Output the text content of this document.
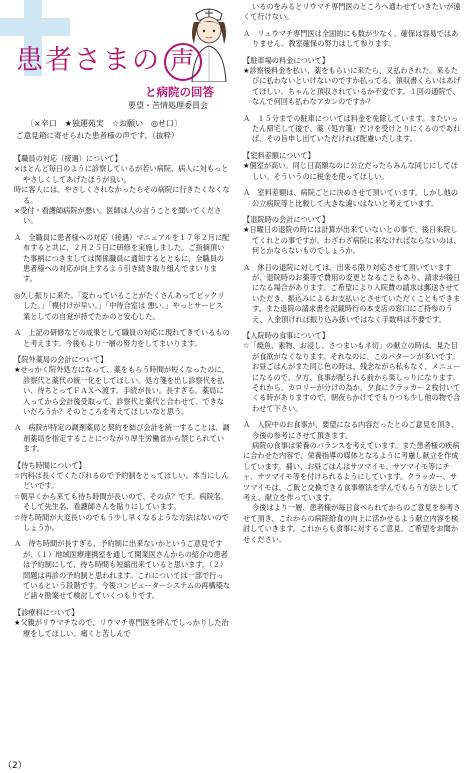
患者さまの 声
と病院の回答
要望・苦情処理委員会
〔×辛口　★独運苑実　☆お願い　◎せ口〕
ご意見箱に寄せられた患者様の声です。（抜粋）

【職員の対応（接遇）について】

×ほとんど毎日のように診察しているが若い病院、病人に対もっとやさしくしてあげたほうが良い。

時に客人には、やさしくされなかったらその病院に行きたくなくなる。

×受付・看護師病院が悪い。医師は人の言うことを聞いてください。

Ａ　全職員に患者様への対応（接遇）マニュアルを１７年２月に配布すると共に、２月２５日に研修を実施しました。ご指摘頂いた事柄につきましては関係職員に通知するとともに、全職員の患者様への対応が向上するよう引き続き取り組んでまいります。

◎久し振りに来た。「変わっていることがたくさんあってビックリした。」「模付けが早い。」「中待合室は 悪い。」やっとサービス業としての自覚が持てたかのと安心した。

Ａ　上記の研修などの成果として職員の対応に現れてきているものと考えます。今後もより一層の努力をしてまいります。

【院外薬局の会計について】

★せっかく院外処方になって、薬をもらう時間が短くなったのに、診察代と薬代の統一化をしてほしい。処方箋を出し診察代を払い、待ちとってＦＡＸへ渡す。手続が長い。長すぎる。薬局に入ってから会計後受取って、診察代と薬代と合わせて、できないだろうか？そのところを考えてほしいなと思う。

Ａ　病院が特定の調剤薬局と契約を結び会計を統一することは、調剤薬局を指定することにつながり厚生労働省から禁じられています。

【待ち時間について】

☆内科は長くてくたびれるので予約制をとってほしい。本当にしんどいです。

☆朝早くから来ても待ち時間が長いので、その点？です。病院名、そして先生名、看護師さんを貼りにしています。

☆待ち時間が大変長いのでもう少し早くなるような方法はないのでしょうか。

Ａ　待ち時間が長すぎる、予約制に出来ないかというご意見ですが、（１）地域医療連携室を通して開業医さんからの紹介の患者は予約制にして、待ち時間も短縮出来ていると思います。（２）問題は再診の予約制と思われます。これについては一部で行っているという段階です。今後コンピューターシステムの再構築など諸々勘案せて検討していくつもりです。

【診療科について】

★父親がリウマチなので、リウマチ専門医を呼んでしっかりした治療をしてほしい。痛くと苦しんで

いるのをみるとリウマチ専門医のところへ通わせていきたいが遠くて行けない。

Ａ　リュウマチ専門医は全国的にも数が少なく、確保は容易ではありません。教室確保の努力はして参ります。

【駐車場の料金について】

★診察後料金を払い、薬をもらいに来たら、又払わされた。来るたびに払わないといけないのですか払ってる。領収書くらいはあげてほしい。ちゃんと頂収されているか不安です。１回の通院で、なんで何回も払わなアカンのですか？

Ａ　１５分までの駐車については料金を免除しています。またいったん帰宅して後で、薬（処方箋）だけを受けとりにくるのであれば、その旨申し出ていただければ配慮いたします。

【室料差額について】

★個室が高い。同じ日高額なのに公立だったらみんな同じにしてほしい。そういうのに税金を使ってほしい。

Ａ　室料差額は、病院ごとに決めさせて頂いています。しかし他の公立病院等と比較して大きな違いはないと考えています。

【退院時の会計について】

★日曜日の退院の時には計算が出来ていないとの事で、後日来院してくれとの事ですが、わざわざ病院に来なければならないのは、何とかならないものでしょうか。

Ａ　休日の退院に対しては、出来る限り対応させて頂いていますが、退院時のお薬等で費用の変更となることもあり、請求が後日になる場合があります。ご希望により入院費の請求は郵送させていただき、振込みによるお支払いとさせていただくこともできます。また退院の請求書を記載時行の本支店の窓口にご持参のうえ、入金頂ければ振り込み扱いではなく手数料は不要です。

【入院時の食事について】

☆「焼魚、素物、お浸し、さつまいもネ切」の献立の時は、見た目が食欲がなくなります。それなのに、このパターンが多いです。お昼ごはんがまた同じ色の時は、残念ながら私もなく、メニューになるので、夕方、食事が配られる前から楽しっりになります。それから、カロリーが分けの為か、夕食にクラッカー２枚付いてくる時がありますので。朝夜らかけてでもりつも少し他の物で合わせて下さい。

Ａ　入院中のお食事が、要望になる内容だったとのご意見を頂き、今後の参考にさせて頂きます。

病院の食事は栄養のバランスを考えています。また患者様の疾病に合わせた内容で、栄養指導の媒体となるように考慮し献立を作成しています。補い、お昼ごはんはサツマイモ、サツマイモ等にチャ、サツマイモ等を付けられるようにしています。クラッカー、サツマイモは、ご飯と交換できる食事療法を学んでもらう方法として考え、献立を作っています。

今後はより一層、患者様が毎日食べられてからのご意見を参考させて頂き、これからの病院給食の向上に活かせるよう献立内容を検討していきます。これからも食事に対するご意見、ご希望をお聞かせください。

（2）
